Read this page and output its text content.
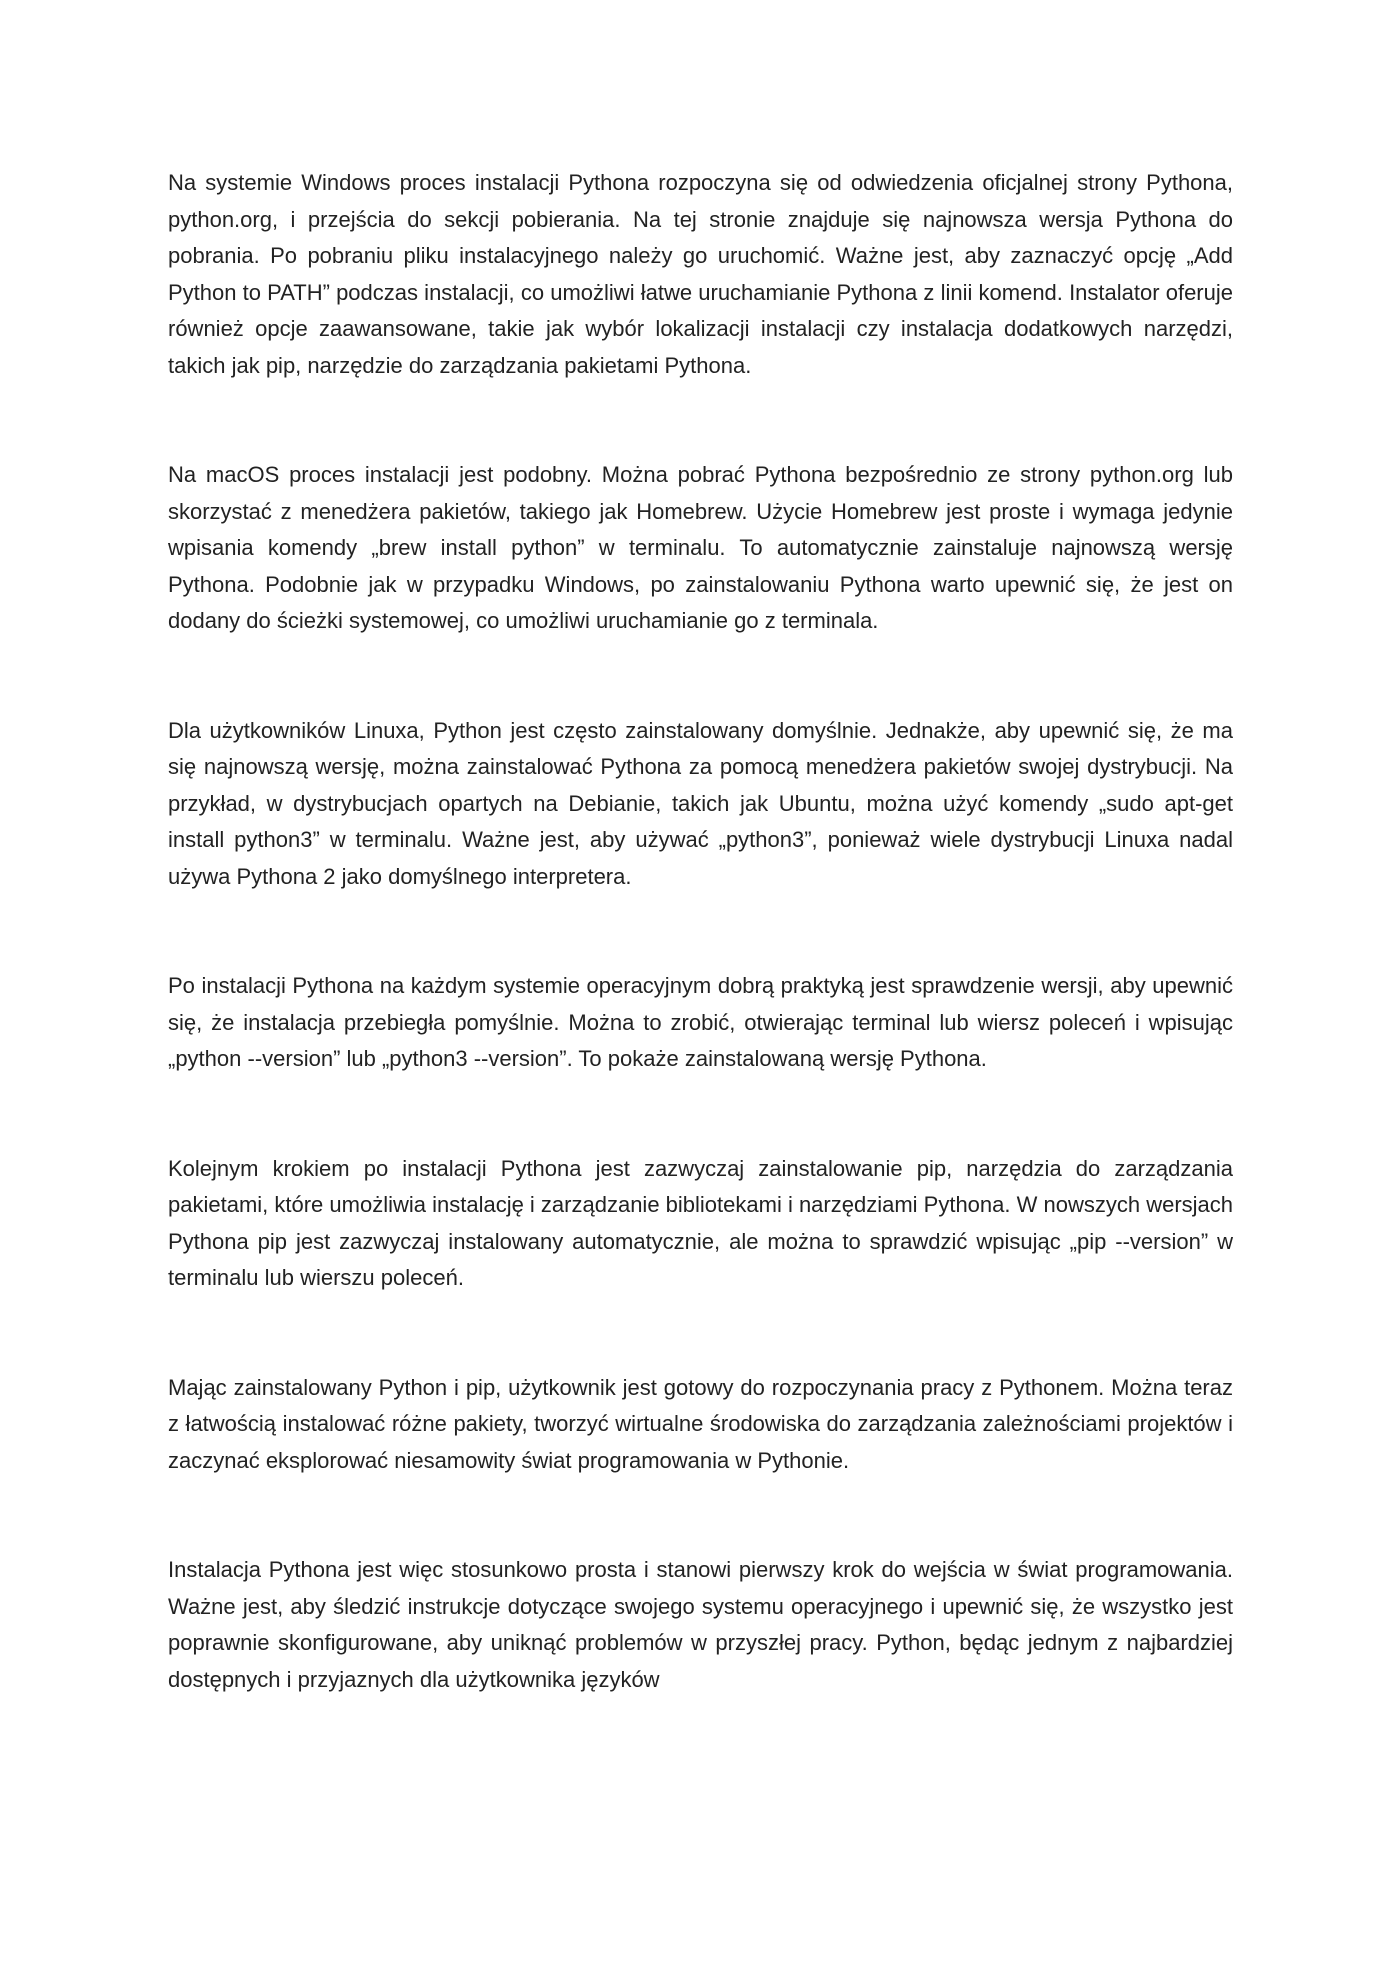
Na systemie Windows proces instalacji Pythona rozpoczyna się od odwiedzenia oficjalnej strony Pythona, python.org, i przejścia do sekcji pobierania. Na tej stronie znajduje się najnowsza wersja Pythona do pobrania. Po pobraniu pliku instalacyjnego należy go uruchomić. Ważne jest, aby zaznaczyć opcję „Add Python to PATH” podczas instalacji, co umożliwi łatwe uruchamianie Pythona z linii komend. Instalator oferuje również opcje zaawansowane, takie jak wybór lokalizacji instalacji czy instalacja dodatkowych narzędzi, takich jak pip, narzędzie do zarządzania pakietami Pythona.

Na macOS proces instalacji jest podobny. Można pobrać Pythona bezpośrednio ze strony python.org lub skorzystać z menedżera pakietów, takiego jak Homebrew. Użycie Homebrew jest proste i wymaga jedynie wpisania komendy „brew install python” w terminalu. To automatycznie zainstaluje najnowszą wersję Pythona. Podobnie jak w przypadku Windows, po zainstalowaniu Pythona warto upewnić się, że jest on dodany do ścieżki systemowej, co umożliwi uruchamianie go z terminala.

Dla użytkowników Linuxa, Python jest często zainstalowany domyślnie. Jednakże, aby upewnić się, że ma się najnowszą wersję, można zainstalować Pythona za pomocą menedżera pakietów swojej dystrybucji. Na przykład, w dystrybucjach opartych na Debianie, takich jak Ubuntu, można użyć komendy „sudo apt-get install python3” w terminalu. Ważne jest, aby używać „python3”, ponieważ wiele dystrybucji Linuxa nadal używa Pythona 2 jako domyślnego interpretera.

Po instalacji Pythona na każdym systemie operacyjnym dobrą praktyką jest sprawdzenie wersji, aby upewnić się, że instalacja przebiegła pomyślnie. Można to zrobić, otwierając terminal lub wiersz poleceń i wpisując „python --version” lub „python3 --version”. To pokaże zainstalowaną wersję Pythona.

Kolejnym krokiem po instalacji Pythona jest zazwyczaj zainstalowanie pip, narzędzia do zarządzania pakietami, które umożliwia instalację i zarządzanie bibliotekami i narzędziami Pythona. W nowszych wersjach Pythona pip jest zazwyczaj instalowany automatycznie, ale można to sprawdzić wpisując „pip --version” w terminalu lub wierszu poleceń.

Mając zainstalowany Python i pip, użytkownik jest gotowy do rozpoczynania pracy z Pythonem. Można teraz z łatwością instalować różne pakiety, tworzyć wirtualne środowiska do zarządzania zależnościami projektów i zaczynać eksplorować niesamowity świat programowania w Pythonie.

Instalacja Pythona jest więc stosunkowo prosta i stanowi pierwszy krok do wejścia w świat programowania. Ważne jest, aby śledzić instrukcje dotyczące swojego systemu operacyjnego i upewnić się, że wszystko jest poprawnie skonfigurowane, aby uniknąć problemów w przyszłej pracy. Python, będąc jednym z najbardziej dostępnych i przyjaznych dla użytkownika języków
